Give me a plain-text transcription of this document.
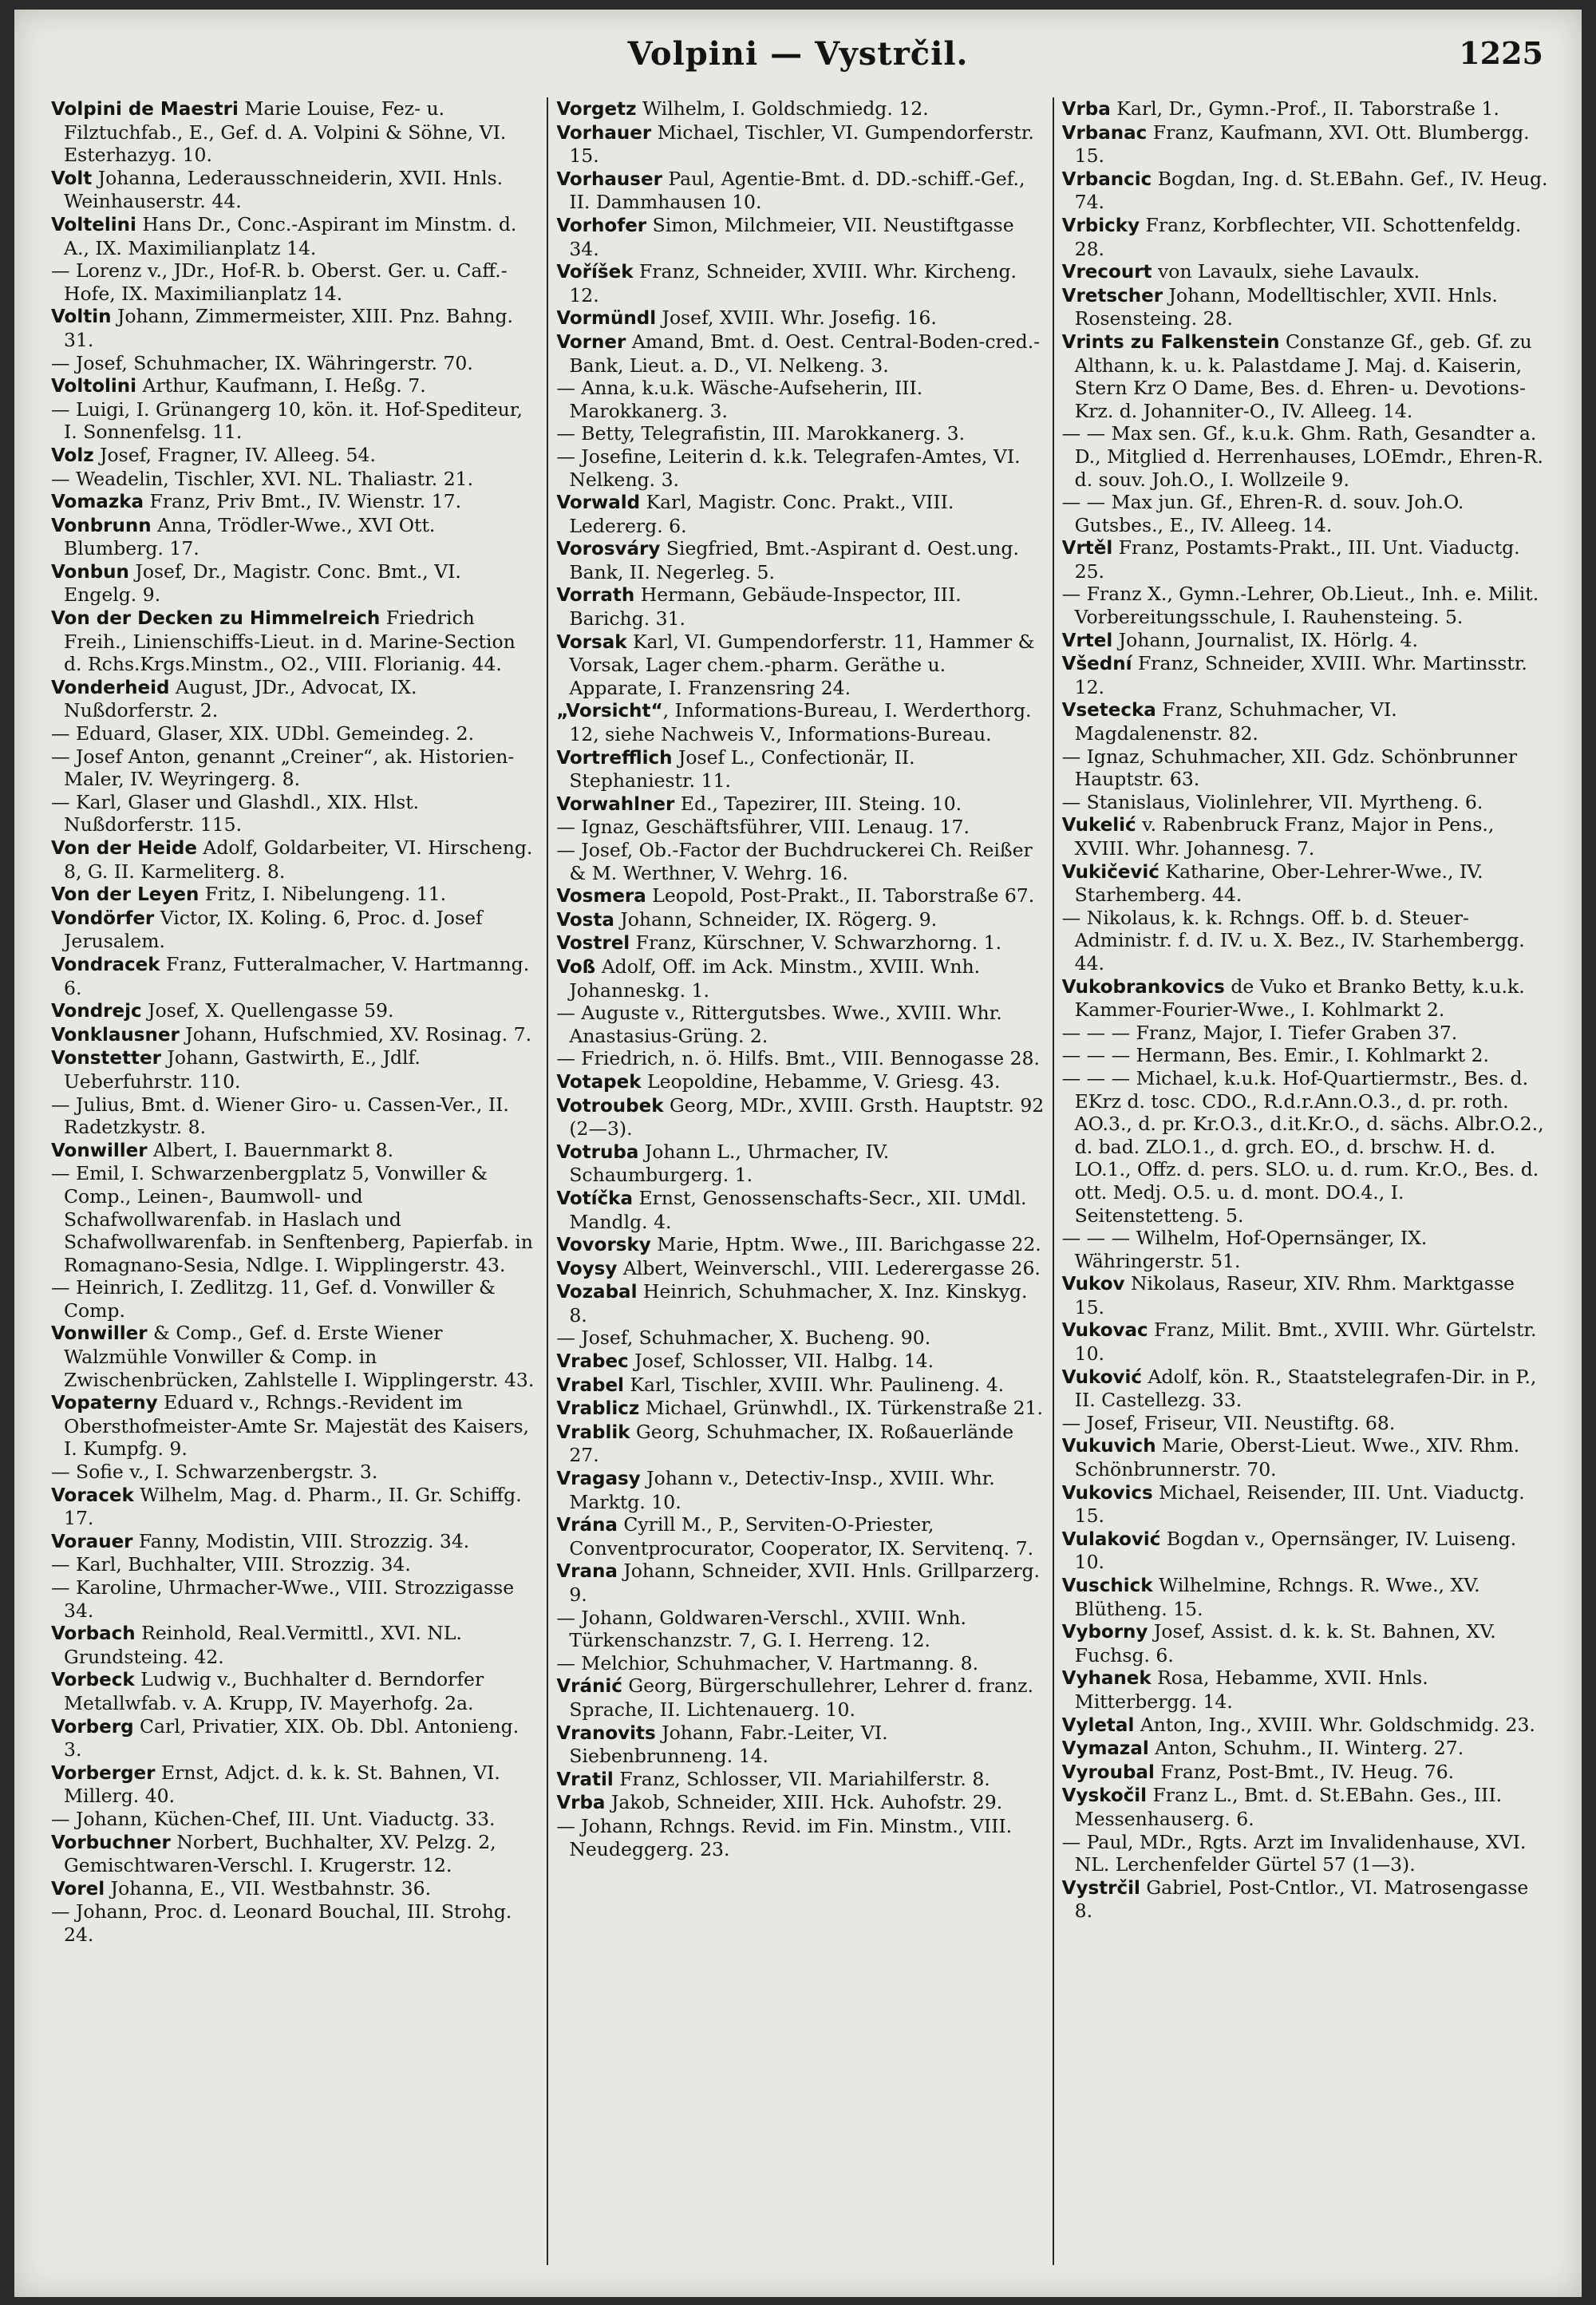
Volpini — Vystrčil.	1225
Volpini de Maestri Marie Louise, Fez- u. Filztuchfab., E., Gef. d. A. Volpini & Söhne, VI. Esterhazyg. 10.
Volt Johanna, Lederausschneiderin, XVII. Hnls. Weinhauserstr. 44.
Voltelini Hans Dr., Conc.-Aspirant im Minstm. d. A., IX. Maximilianplatz 14.
— Lorenz v., JDr., Hof-R. b. Oberst. Ger. u. Caff.-Hofe, IX. Maximilianplatz 14.
Voltin Johann, Zimmermeister, XIII. Pnz. Bahng. 31.
— Josef, Schuhmacher, IX. Währingerstr. 70.
Voltolini Arthur, Kaufmann, I. Heßg. 7.
— Luigi, I. Grünangerg 10, kön. it. Hof-Spediteur, I. Sonnenfelsg. 11.
Volz Josef, Fragner, IV. Alleeg. 54.
— Weadelin, Tischler, XVI. NL. Thaliastr. 21.
Vomazka Franz, Priv Bmt., IV. Wienstr. 17.
Vonbrunn Anna, Trödler-Wwe., XVI Ott. Blumberg. 17.
Vonbun Josef, Dr., Magistr. Conc. Bmt., VI. Engelg. 9.
Von der Decken zu Himmelreich Friedrich Freih., Linienschiffs-Lieut. in d. Marine-Section d. Rchs.Krgs.Minstm., O2., VIII. Florianig. 44.
Vonderheid August, JDr., Advocat, IX. Nußdorferstr. 2.
— Eduard, Glaser, XIX. UDbl. Gemeindeg. 2.
— Josef Anton, genannt „Creiner“, ak. Historien-Maler, IV. Weyringerg. 8.
— Karl, Glaser und Glashdl., XIX. Hlst. Nußdorferstr. 115.
Von der Heide Adolf, Goldarbeiter, VI. Hirscheng. 8, G. II. Karmeliterg. 8.
Von der Leyen Fritz, I. Nibelungeng. 11.
Vondörfer Victor, IX. Koling. 6, Proc. d. Josef Jerusalem.
Vondracek Franz, Futteralmacher, V. Hartmanng. 6.
Vondrejc Josef, X. Quellengasse 59.
Vonklausner Johann, Hufschmied, XV. Rosinag. 7.
Vonstetter Johann, Gastwirth, E., Jdlf. Ueberfuhrstr. 110.
— Julius, Bmt. d. Wiener Giro- u. Cassen-Ver., II. Radetzkystr. 8.
Vonwiller Albert, I. Bauernmarkt 8.
— Emil, I. Schwarzenbergplatz 5, Vonwiller & Comp., Leinen-, Baumwoll- und Schafwollwarenfab. in Haslach und Schafwollwarenfab. in Senftenberg, Papierfab. in Romagnano-Sesia, Ndlge. I. Wipplingerstr. 43.
— Heinrich, I. Zedlitzg. 11, Gef. d. Vonwiller & Comp.
Vonwiller & Comp., Gef. d. Erste Wiener Walzmühle Vonwiller & Comp. in Zwischenbrücken, Zahlstelle I. Wipplingerstr. 43.
Vopaterny Eduard v., Rchngs.-Revident im Obersthofmeister-Amte Sr. Majestät des Kaisers, I. Kumpfg. 9.
— Sofie v., I. Schwarzenbergstr. 3.
Voracek Wilhelm, Mag. d. Pharm., II. Gr. Schiffg. 17.
Vorauer Fanny, Modistin, VIII. Strozzig. 34.
— Karl, Buchhalter, VIII. Strozzig. 34.
— Karoline, Uhrmacher-Wwe., VIII. Strozzigasse 34.
Vorbach Reinhold, Real.Vermittl., XVI. NL. Grundsteing. 42.
Vorbeck Ludwig v., Buchhalter d. Berndorfer Metallwfab. v. A. Krupp, IV. Mayerhofg. 2a.
Vorberg Carl, Privatier, XIX. Ob. Dbl. Antonieng. 3.
Vorberger Ernst, Adjct. d. k. k. St. Bahnen, VI. Millerg. 40.
— Johann, Küchen-Chef, III. Unt. Viaductg. 33.
Vorbuchner Norbert, Buchhalter, XV. Pelzg. 2, Gemischtwaren-Verschl. I. Krugerstr. 12.
Vorel Johanna, E., VII. Westbahnstr. 36.
— Johann, Proc. d. Leonard Bouchal, III. Strohg. 24.
Vorgetz Wilhelm, I. Goldschmiedg. 12.
Vorhauer Michael, Tischler, VI. Gumpendorferstr. 15.
Vorhauser Paul, Agentie-Bmt. d. DD.-schiff.-Gef., II. Dammhausen 10.
Vorhofer Simon, Milchmeier, VII. Neustiftgasse 34.
Voříšek Franz, Schneider, XVIII. Whr. Kircheng. 12.
Vormündl Josef, XVIII. Whr. Josefig. 16.
Vorner Amand, Bmt. d. Oest. Central-Boden-cred.-Bank, Lieut. a. D., VI. Nelkeng. 3.
— Anna, k.u.k. Wäsche-Aufseherin, III. Marokkanerg. 3.
— Betty, Telegrafistin, III. Marokkanerg. 3.
— Josefine, Leiterin d. k.k. Telegrafen-Amtes, VI. Nelkeng. 3.
Vorwald Karl, Magistr. Conc. Prakt., VIII. Ledererg. 6.
Vorosváry Siegfried, Bmt.-Aspirant d. Oest.ung. Bank, II. Negerleg. 5.
Vorrath Hermann, Gebäude-Inspector, III. Barichg. 31.
Vorsak Karl, VI. Gumpendorferstr. 11, Hammer & Vorsak, Lager chem.-pharm. Geräthe u. Apparate, I. Franzensring 24.
„Vorsicht“, Informations-Bureau, I. Werderthorg. 12, siehe Nachweis V., Informations-Bureau.
Vortrefflich Josef L., Confectionär, II. Stephaniestr. 11.
Vorwahlner Ed., Tapezirer, III. Steing. 10.
— Ignaz, Geschäftsführer, VIII. Lenaug. 17.
— Josef, Ob.-Factor der Buchdruckerei Ch. Reißer & M. Werthner, V. Wehrg. 16.
Vosmera Leopold, Post-Prakt., II. Taborstraße 67.
Vosta Johann, Schneider, IX. Rögerg. 9.
Vostrel Franz, Kürschner, V. Schwarzhorng. 1.
Voß Adolf, Off. im Ack. Minstm., XVIII. Wnh. Johanneskg. 1.
— Auguste v., Rittergutsbes. Wwe., XVIII. Whr. Anastasius-Grüng. 2.
— Friedrich, n. ö. Hilfs. Bmt., VIII. Bennogasse 28.
Votapek Leopoldine, Hebamme, V. Griesg. 43.
Votroubek Georg, MDr., XVIII. Grsth. Hauptstr. 92 (2—3).
Votruba Johann L., Uhrmacher, IV. Schaumburgerg. 1.
Votíčka Ernst, Genossenschafts-Secr., XII. UMdl. Mandlg. 4.
Vovorsky Marie, Hptm. Wwe., III. Barichgasse 22.
Voysy Albert, Weinverschl., VIII. Lederergasse 26.
Vozabal Heinrich, Schuhmacher, X. Inz. Kinskyg. 8.
— Josef, Schuhmacher, X. Bucheng. 90.
Vrabec Josef, Schlosser, VII. Halbg. 14.
Vrabel Karl, Tischler, XVIII. Whr. Paulineng. 4.
Vrablicz Michael, Grünwhdl., IX. Türkenstraße 21.
Vrablik Georg, Schuhmacher, IX. Roßauerlände 27.
Vragasy Johann v., Detectiv-Insp., XVIII. Whr. Marktg. 10.
Vrána Cyrill M., P., Serviten-O-Priester, Conventprocurator, Cooperator, IX. Servitenq. 7.
Vrana Johann, Schneider, XVII. Hnls. Grillparzerg. 9.
— Johann, Goldwaren-Verschl., XVIII. Wnh. Türkenschanzstr. 7, G. I. Herreng. 12.
— Melchior, Schuhmacher, V. Hartmanng. 8.
Vránić Georg, Bürgerschullehrer, Lehrer d. franz. Sprache, II. Lichtenauerg. 10.
Vranovits Johann, Fabr.-Leiter, VI. Siebenbrunneng. 14.
Vratil Franz, Schlosser, VII. Mariahilferstr. 8.
Vrba Jakob, Schneider, XIII. Hck. Auhofstr. 29.
— Johann, Rchngs. Revid. im Fin. Minstm., VIII. Neudeggerg. 23.
Vrba Karl, Dr., Gymn.-Prof., II. Taborstraße 1.
Vrbanac Franz, Kaufmann, XVI. Ott. Blumbergg. 15.
Vrbancic Bogdan, Ing. d. St.EBahn. Gef., IV. Heug. 74.
Vrbicky Franz, Korbflechter, VII. Schottenfeldg. 28.
Vrecourt von Lavaulx, siehe Lavaulx.
Vretscher Johann, Modelltischler, XVII. Hnls. Rosensteing. 28.
Vrints zu Falkenstein Constanze Gf., geb. Gf. zu Althann, k. u. k. Palastdame J. Maj. d. Kaiserin, Stern Krz O Dame, Bes. d. Ehren- u. Devotions-Krz. d. Johanniter-O., IV. Alleeg. 14.
— — Max sen. Gf., k.u.k. Ghm. Rath, Gesandter a. D., Mitglied d. Herrenhauses, LOEmdr., Ehren-R. d. souv. Joh.O., I. Wollzeile 9.
— — Max jun. Gf., Ehren-R. d. souv. Joh.O. Gutsbes., E., IV. Alleeg. 14.
Vrtěl Franz, Postamts-Prakt., III. Unt. Viaductg. 25.
— Franz X., Gymn.-Lehrer, Ob.Lieut., Inh. e. Milit. Vorbereitungsschule, I. Rauhensteing. 5.
Vrtel Johann, Journalist, IX. Hörlg. 4.
Všední Franz, Schneider, XVIII. Whr. Martinsstr. 12.
Vsetecka Franz, Schuhmacher, VI. Magdalenenstr. 82.
— Ignaz, Schuhmacher, XII. Gdz. Schönbrunner Hauptstr. 63.
— Stanislaus, Violinlehrer, VII. Myrtheng. 6.
Vukelić v. Rabenbruck Franz, Major in Pens., XVIII. Whr. Johannesg. 7.
Vukičević Katharine, Ober-Lehrer-Wwe., IV. Starhemberg. 44.
— Nikolaus, k. k. Rchngs. Off. b. d. Steuer-Administr. f. d. IV. u. X. Bez., IV. Starhembergg. 44.
Vukobrankovics de Vuko et Branko Betty, k.u.k. Kammer-Fourier-Wwe., I. Kohlmarkt 2.
— — — Franz, Major, I. Tiefer Graben 37.
— — — Hermann, Bes. Emir., I. Kohlmarkt 2.
— — — Michael, k.u.k. Hof-Quartiermstr., Bes. d. EKrz d. tosc. CDO., R.d.r.Ann.O.3., d. pr. roth. AO.3., d. pr. Kr.O.3., d.it.Kr.O., d. sächs. Albr.O.2., d. bad. ZLO.1., d. grch. EO., d. brschw. H. d. LO.1., Offz. d. pers. SLO. u. d. rum. Kr.O., Bes. d. ott. Medj. O.5. u. d. mont. DO.4., I. Seitenstetteng. 5.
— — — Wilhelm, Hof-Opernsänger, IX. Währingerstr. 51.
Vukov Nikolaus, Rasеur, XIV. Rhm. Marktgasse 15.
Vukovac Franz, Milit. Bmt., XVIII. Whr. Gürtelstr. 10.
Vuković Adolf, kön. R., Staatstelegrafen-Dir. in P., II. Castellezg. 33.
— Josef, Friseur, VII. Neustiftg. 68.
Vukuvich Marie, Oberst-Lieut. Wwe., XIV. Rhm. Schönbrunnerstr. 70.
Vukovics Michael, Reisender, III. Unt. Viaductg. 15.
Vulaković Bogdan v., Opernsänger, IV. Luiseng. 10.
Vuschick Wilhelmine, Rchngs. R. Wwe., XV. Blütheng. 15.
Vyborny Josef, Assist. d. k. k. St. Bahnen, XV. Fuchsg. 6.
Vyhanek Rosa, Hebamme, XVII. Hnls. Mitterbergg. 14.
Vyletal Anton, Ing., XVIII. Whr. Goldschmidg. 23.
Vymazal Anton, Schuhm., II. Winterg. 27.
Vyroubal Franz, Post-Bmt., IV. Heug. 76.
Vyskočil Franz L., Bmt. d. St.EBahn. Ges., III. Messenhauserg. 6.
— Paul, MDr., Rgts. Arzt im Invalidenhause, XVI. NL. Lerchenfelder Gürtel 57 (1—3).
Vystrčil Gabriel, Post-Cntlor., VI. Matrosengasse 8.
